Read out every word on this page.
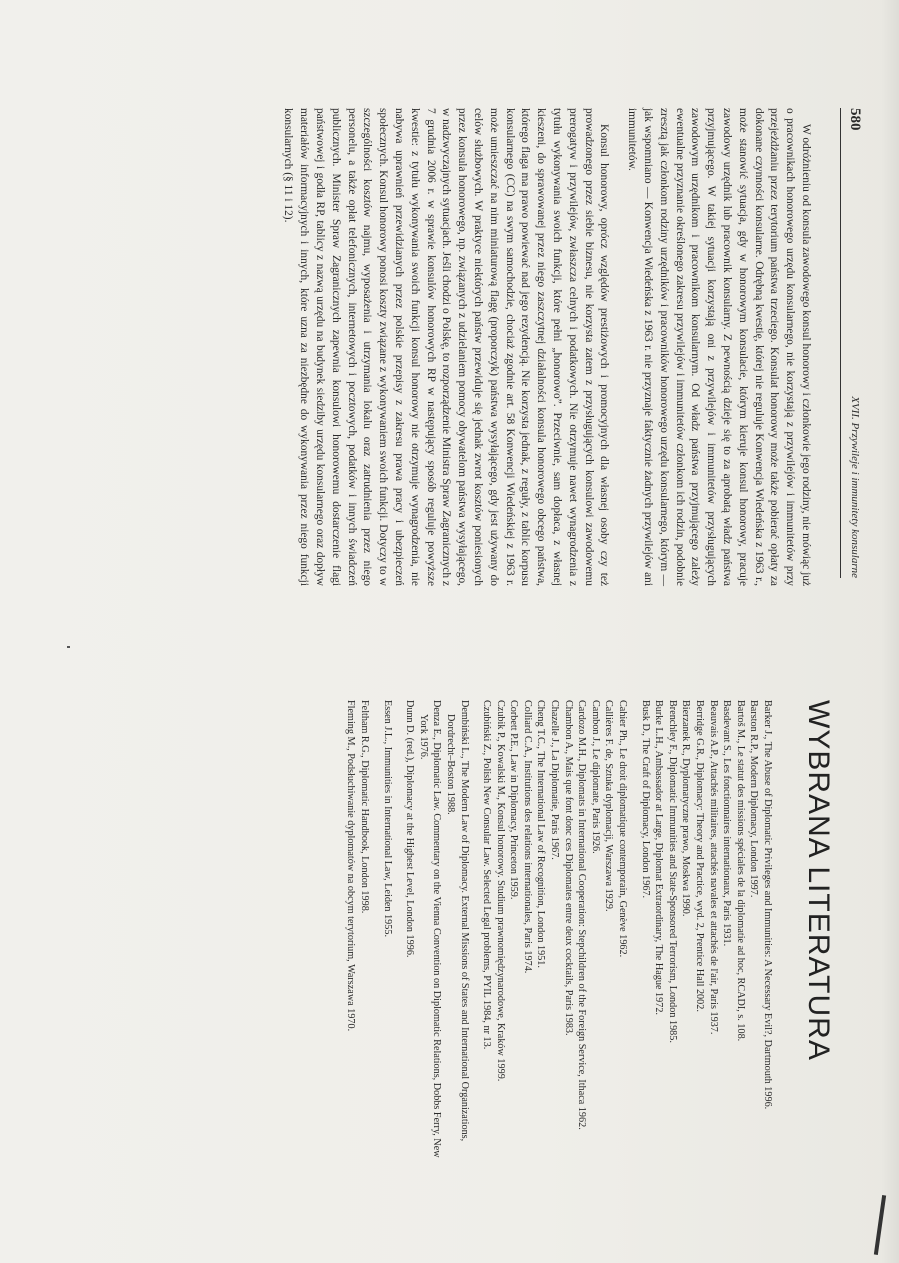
580
XVII. Przywileje i immunitety konsularne

W odróżnieniu od konsula zawodowego konsul honorowy i członkowie jego rodziny, nie mówiąc już o pracownikach honorowego urzędu konsularnego, nie korzystają z przywilejów i immunitetów przy przejeżdżaniu przez terytorium państwa trzeciego. Konsulat honorowy może także pobierać opłaty za dokonane czynności konsularne. Odrębną kwestię, której nie reguluje Konwencja Wiedeńska z 1963 r., może stanowić sytuacja, gdy w honorowym konsulacie, którym kieruje konsul honorowy, pracuje zawodowy urzędnik lub pracownik konsularny. Z pewnością dzieje się to za aprobatą władz państwa przyjmującego. W takiej sytuacji korzystają oni z przywilejów i immunitetów przysługujących zawodowym urzędnikom i pracownikom konsularnym. Od władz państwa przyjmującego zależy ewentualne przyznanie określonego zakresu przywilejów i immunitetów członkom ich rodzin, podobnie zresztą jak członkom rodziny urzędników i pracowników honorowego urzędu konsularnego, którym — jak wspomniano — Konwencja Wiedeńska z 1963 r. nie przyznaje faktycznie żadnych przywilejów ani immunitetów.

Konsul honorowy, oprócz względów prestiżowych i promocyjnych dla własnej osoby czy też prowadzonego przez siebie biznesu, nie korzysta zatem z przysługujących konsulowi zawodowemu prerogatyw i przywilejów, zwłaszcza celnych i podatkowych. Nie otrzymuje nawet wynagrodzenia z tytułu wykonywania swoich funkcji, które pełni „honorowo”. Przeciwnie, sam dopłaca, z własnej kieszeni, do sprawowanej przez niego zaszczytnej działalności konsula honorowego obcego państwa, którego flaga ma prawo powiewać nad jego rezydencją. Nie korzysta jednak, z reguły, z tablic korpusu konsularnego (CC) na swym samochodzie, chociaż zgodnie art. 58 Konwencji Wiedeńskiej z 1963 r. może umieszczać na nim miniaturową flagę (proporczyk) państwa wysyłającego, gdy jest używany do celów służbowych. W praktyce niektórych państw przewiduje się jednak zwrot kosztów poniesionych przez konsula honorowego, np. związanych z udzielaniem pomocy obywatelom państwa wysyłającego, w nadzwyczajnych sytuacjach. Jeśli chodzi o Polskę, to rozporządzenie Ministra Spraw Zagranicznych z 7 grudnia 2006 r. w sprawie konsulów honorowych RP w następujący sposób reguluje powyższe kwestie: z tytułu wykonywania swoich funkcji konsul honorowy nie otrzymuje wynagrodzenia, nie nabywa uprawnień przewidzianych przez polskie przepisy z zakresu prawa pracy i ubezpieczeń społecznych. Konsul honorowy ponosi koszty związane z wykonywaniem swoich funkcji. Dotyczy to w szczególności kosztów najmu, wyposażenia i utrzymania lokalu oraz zatrudnienia przez niego personelu, a także opłat telefonicznych, internetowych i pocztowych, podatków i innych świadczeń publicznych. Minister Spraw Zagranicznych zapewnia konsulowi honorowemu dostarczenie flagi państwowej i godła RP, tablicy z nazwą urzędu na budynek siedziby urzędu konsularnego oraz dopływ materiałów informacyjnych i innych, które uzna za niezbędne do wykonywania przez niego funkcji konsularnych (§ 11 i 12).

WYBRANA LITERATURA
Barker J., The Abuse of Diplomatic Privileges and Immunities: A Necessary Evil?, Dartmouth 1996.
Barston R.P., Modern Diplomacy, London 1997.
Bartoš M., Le statut des missions spéciales de la diplomatie ad hoc, RCADI, s. 108.
Basdevant S., Les fonctionnaires internationaux, Paris 1931.
Beauvais A.P., Attachés militaires, attachés navales et attachés de l'air, Paris 1937.
Berridge G.R., Diplomacy: Theory and Practice, wyd. 2, Prentice Hall 2002.
Bierzanek R., Dyplomatyczne prawo, Moskwa 1990.
Brenchley F., Diplomatic Immunities and State-Sponsored Terrorism, London 1985.
Burke L.H., Ambassador at Large, Diplomat Extraordinary, The Hague 1972.
Busk D., The Craft of Diplomacy, London 1967.
Cahier Ph., Le droit diplomatique contemporain, Genève 1962.
Callières F. de, Sztuka dyplomacji, Warszawa 1929.
Cambon J., Le diplomate, Paris 1926.
Cardozo M.H., Diplomats in International Cooperation: Stepchildren of the Foreign Service, Ithaca 1962.
Chambon A., Mais que font donc ces Diplomates entre deux cocktails, Paris 1983.
Chazelle J., La Diplomatie, Paris 1967.
Cheng T.C., The International Law of Recognition, London 1951.
Colliard C.A., Institutions des relations internationales, Paris 1974.
Corbett P.E., Law in Diplomacy, Princeton 1959.
Czubik P., Kowalski M., Konsul honorowy. Studium prawnomiędzynarodowe, Kraków 1999.
Czubiński Z., Polish New Consular Law. Selected Legal problems, PYIL 1984, nr 13.
Dembiński L., The Modern Law of Diplomacy. External Missions of States and International Organizations, Dordrecht–Boston 1988.
Denza E., Diplomatic Law. Commentary on the Vienna Convention on Diplomatic Relations, Dobbs Ferry, New York 1976.
Dunn D. (red.), Diplomacy at the Highest Level, London 1996.
Essen J.L., Immunities in International Law, Leiden 1955.
Feltham R.G., Diplomatic Handbook, London 1998.
Fleming M., Podsłuchiwanie dyplomatów na obcym terytorium, Warszawa 1970.
